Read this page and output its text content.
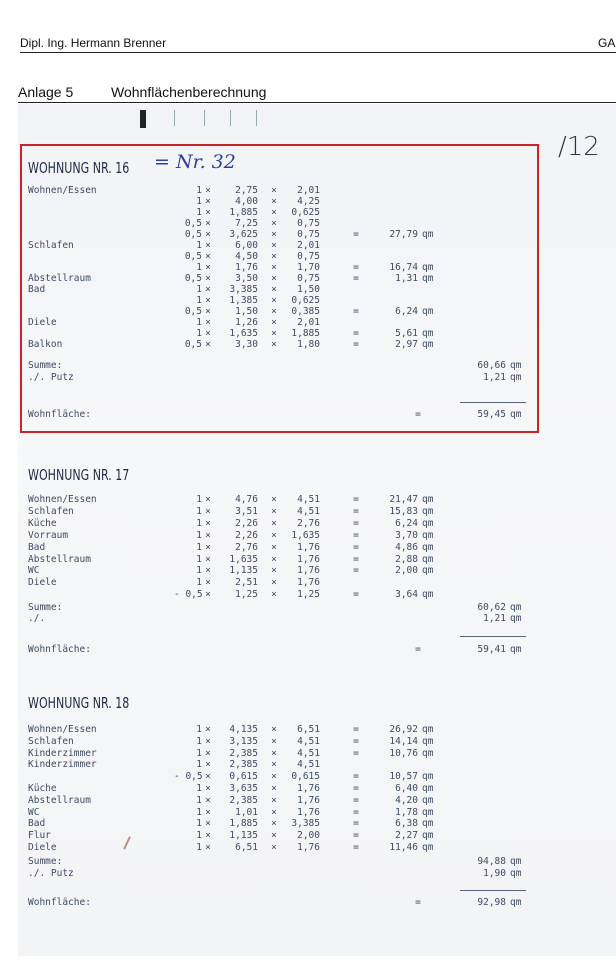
Dipl. Ing. Hermann Brenner	GA
Anlage 5	Wohnflächenberechnung
/12
WOHNUNG NR. 16 = Nr. 32
Wohnen/Essen	1 ×	2,75 ×	2,01
1 ×	4,00 ×	4,25
1 ×	1,885 ×	0,625
0,5 ×	7,25 ×	0,75
0,5 ×	3,625 ×	0,75	=	27,79 qm
Schlafen	1 ×	6,00 ×	2,01
0,5 ×	4,50 ×	0,75
1 ×	1,76 ×	1,70	=	16,74 qm
Abstellraum	0,5 ×	3,50 ×	0,75	=	1,31 qm
Bad	1 ×	3,385 ×	1,50
1 ×	1,385 ×	0,625
0,5 ×	1,50 ×	0,385	=	6,24 qm
Diele	1 ×	1,26 ×	2,01
1 ×	1,635 ×	1,885	=	5,61 qm
Balkon	0,5 ×	3,30 ×	1,80	=	2,97 qm
Summe:	60,66 qm
./. Putz	1,21 qm
Wohnfläche:	=	59,45 qm
WOHNUNG NR. 17
Wohnen/Essen	1 ×	4,76 ×	4,51	=	21,47 qm
Schlafen	1 ×	3,51 ×	4,51	=	15,83 qm
Küche	1 ×	2,26 ×	2,76	=	6,24 qm
Vorraum	1 ×	2,26 ×	1,635	=	3,70 qm
Bad	1 ×	2,76 ×	1,76	=	4,86 qm
Abstellraum	1 ×	1,635 ×	1,76	=	2,88 qm
WC	1 ×	1,135 ×	1,76	=	2,00 qm
Diele	1 ×	2,51 ×	1,76
- 0,5 ×	1,25 ×	1,25	=	3,64 qm
Summe:	60,62 qm
./.	1,21 qm
Wohnfläche:	=	59,41 qm
WOHNUNG NR. 18
Wohnen/Essen	1 ×	4,135 ×	6,51	=	26,92 qm
Schlafen	1 ×	3,135 ×	4,51	=	14,14 qm
Kinderzimmer	1 ×	2,385 ×	4,51	=	10,76 qm
Kinderzimmer	1 ×	2,385 ×	4,51
- 0,5 ×	0,615 ×	0,615	=	10,57 qm
Küche	1 ×	3,635 ×	1,76	=	6,40 qm
Abstellraum	1 ×	2,385 ×	1,76	=	4,20 qm
WC	1 ×	1,01 ×	1,76	=	1,78 qm
Bad	1 ×	1,885 ×	3,385	=	6,38 qm
Flur	1 ×	1,135 ×	2,00	=	2,27 qm
Diele	1 ×	6,51 ×	1,76	=	11,46 qm
Summe:	94,88 qm
./. Putz	1,90 qm
Wohnfläche:	=	92,98 qm
